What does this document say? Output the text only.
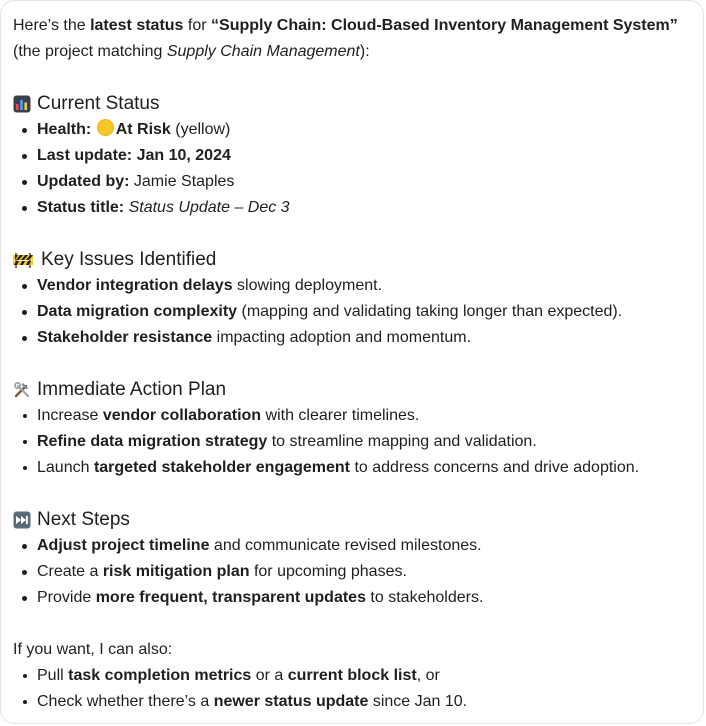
Here’s the latest status for “Supply Chain: Cloud-Based Inventory Management System”

(the project matching Supply Chain Management):

Current Status
Health: At Risk (yellow)
Last update: Jan 10, 2024
Updated by: Jamie Staples
Status title: Status Update – Dec 3
Key Issues Identified
Vendor integration delays slowing deployment.
Data migration complexity (mapping and validating taking longer than expected).
Stakeholder resistance impacting adoption and momentum.
Immediate Action Plan
Increase vendor collaboration with clearer timelines.
Refine data migration strategy to streamline mapping and validation.
Launch targeted stakeholder engagement to address concerns and drive adoption.
Next Steps
Adjust project timeline and communicate revised milestones.
Create a risk mitigation plan for upcoming phases.
Provide more frequent, transparent updates to stakeholders.

If you want, I can also:

Pull task completion metrics or a current block list, or
Check whether there’s a newer status update since Jan 10.
